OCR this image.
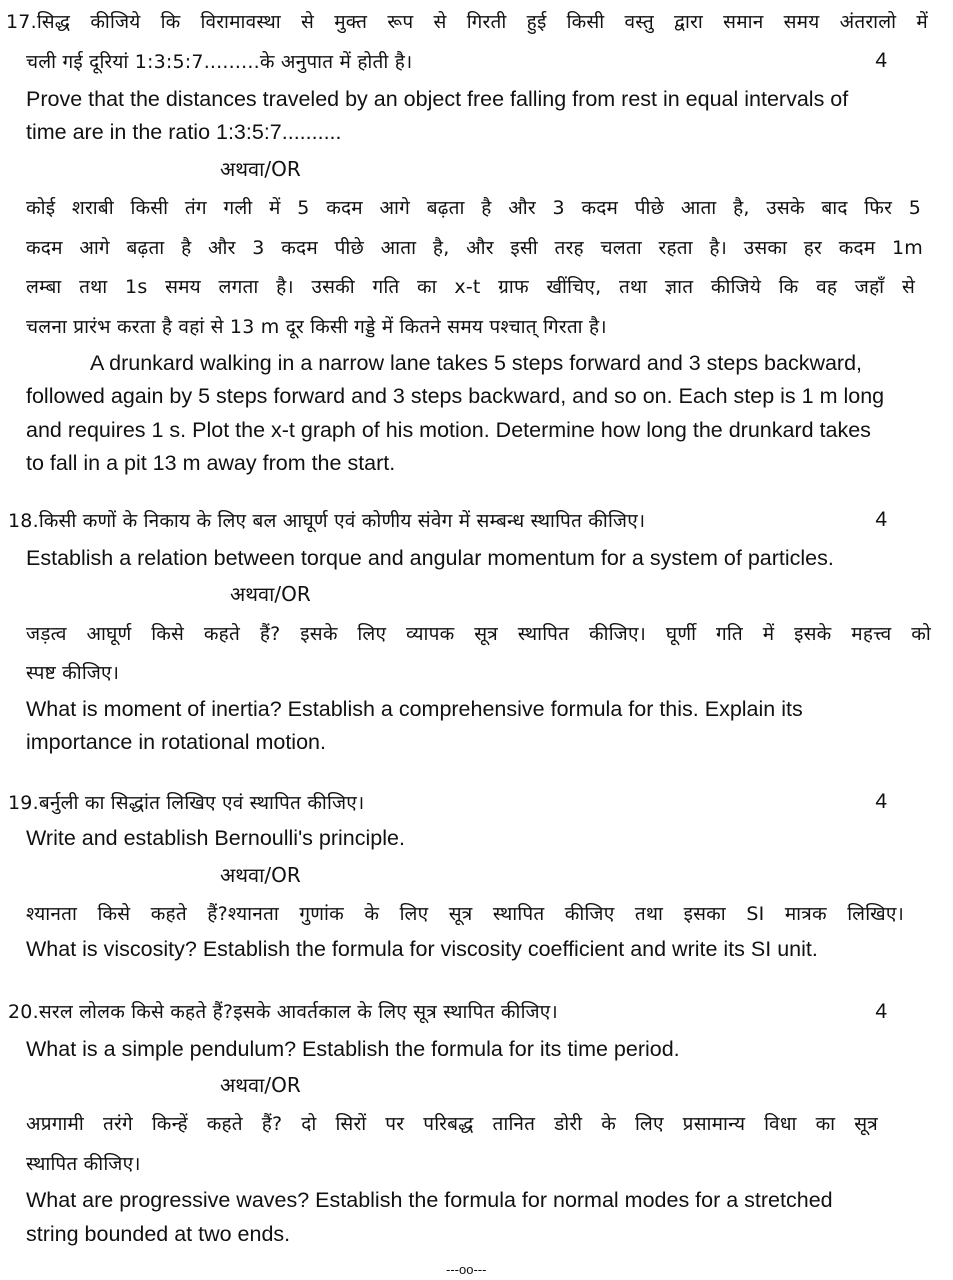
17.सिद्ध कीजिये कि विरामावस्था से मुक्त रूप से गिरती हुई किसी वस्तु द्वारा समान समय अंतरालो में
चली गई दूरियां 1:3:5:7.........के अनुपात में होती है।	4
Prove that the distances traveled by an object free falling from rest in equal intervals of
time are in the ratio 1:3:5:7..........
अथवा/OR
कोई शराबी किसी तंग गली में 5 कदम आगे बढ़ता है और 3 कदम पीछे आता है, उसके बाद फिर 5
कदम आगे बढ़ता है और 3 कदम पीछे आता है, और इसी तरह चलता रहता है। उसका हर कदम 1m
लम्बा तथा 1s समय लगता है। उसकी गति का x-t ग्राफ खींचिए, तथा ज्ञात कीजिये कि वह जहाँ से
चलना प्रारंभ करता है वहां से 13 m दूर किसी गड्डे में कितने समय पश्चात् गिरता है।
A drunkard walking in a narrow lane takes 5 steps forward and 3 steps backward,
followed again by 5 steps forward and 3 steps backward, and so on. Each step is 1 m long
and requires 1 s. Plot the x-t graph of his motion. Determine how long the drunkard takes
to fall in a pit 13 m away from the start.
18.किसी कणों के निकाय के लिए बल आघूर्ण एवं कोणीय संवेग में सम्बन्ध स्थापित कीजिए।	4
Establish a relation between torque and angular momentum for a system of particles.
अथवा/OR
जड़त्व आघूर्ण किसे कहते हैं? इसके लिए व्यापक सूत्र स्थापित कीजिए। घूर्णी गति में इसके महत्त्व को
स्पष्ट कीजिए।
What is moment of inertia? Establish a comprehensive formula for this. Explain its
importance in rotational motion.
19.बर्नुली का सिद्धांत लिखिए एवं स्थापित कीजिए।	4
Write and establish Bernoulli's principle.
अथवा/OR
श्यानता किसे कहते हैं?श्यानता गुणांक के लिए सूत्र स्थापित कीजिए तथा इसका SI मात्रक लिखिए।
What is viscosity? Establish the formula for viscosity coefficient and write its SI unit.
20.सरल लोलक किसे कहते हैं?इसके आवर्तकाल के लिए सूत्र स्थापित कीजिए।	4
What is a simple pendulum? Establish the formula for its time period.
अथवा/OR
अप्रगामी तरंगे किन्हें कहते हैं? दो सिरों पर परिबद्ध तानित डोरी के लिए प्रसामान्य विधा का सूत्र
स्थापित कीजिए।
What are progressive waves? Establish the formula for normal modes for a stretched
string bounded at two ends.
---oo---
